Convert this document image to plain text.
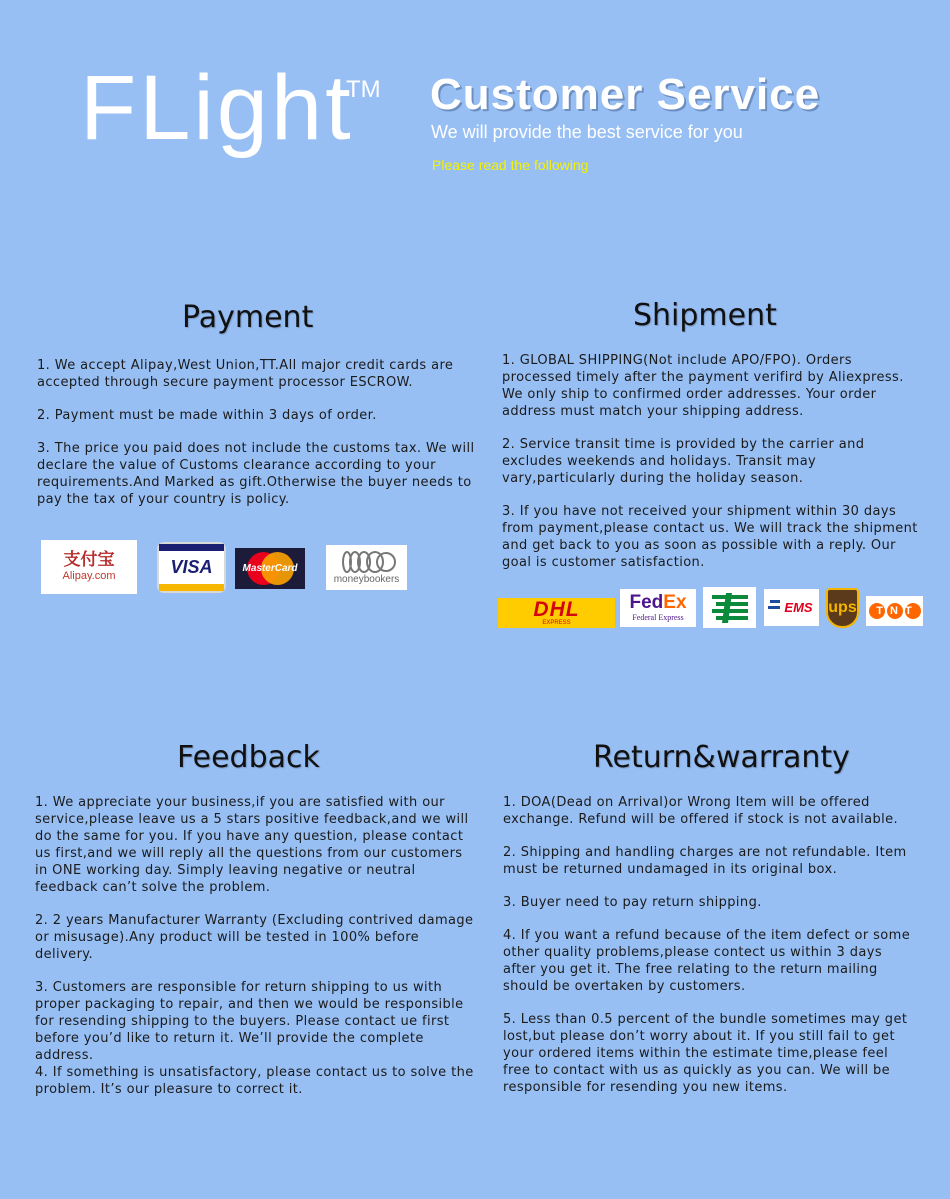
FLight
TM Customer Service
We will provide the best service for you
Please read the following
Payment

1. We accept Alipay,West Union,TT.All major credit cards are accepted through secure payment processor ESCROW.

2. Payment must be made within 3 days of order.

3. The price you paid does not include the customs tax. We will declare the value of Customs clearance according to your requirements.And Marked as gift.Otherwise the buyer needs to pay the tax of your country is policy.

支付宝
Alipay.com	VISA	MasterCard
moneybookers
Shipment

1. GLOBAL SHIPPING(Not include APO/FPO). Orders processed timely after the payment verifird by Aliexpress. We only ship to confirmed order addresses. Your order address must match your shipping address.

2. Service transit time is provided by the carrier and excludes weekends and holidays. Transit may vary,particularly during the holiday season.

3. If you have not received your shipment within 30 days from payment,please contact us. We will track the shipment and get back to you as soon as possible with a reply. Our goal is customer satisfaction.

DHL
EXPRESS
FedEx
Federal Express
EMS ups	TNT
Feedback

1. We appreciate your business,if you are satisfied with our service,please leave us a 5 stars positive feedback,and we will do the same for you. If you have any question, please contact us first,and we will reply all the questions from our customers in ONE working day. Simply leaving negative or neutral feedback can’t solve the problem.

2. 2 years Manufacturer Warranty (Excluding contrived damage or misusage).Any product will be tested in 100% before delivery.

3. Customers are responsible for return shipping to us with proper packaging to repair, and then we would be responsible for resending shipping to the buyers. Please contact ue first before you’d like to return it. We’ll provide the complete address.

4. If something is unsatisfactory, please contact us to solve the problem. It’s our pleasure to correct it.

Return&warranty

1. DOA(Dead on Arrival)or Wrong Item will be offered exchange. Refund will be offered if stock is not available.

2. Shipping and handling charges are not refundable. Item must be returned undamaged in its original box.

3. Buyer need to pay return shipping.

4. If you want a refund because of the item defect or some other quality problems,please contect us within 3 days after you get it. The free relating to the return mailing should be overtaken by customers.

5. Less than 0.5 percent of the bundle sometimes may get lost,but please don’t worry about it. If you still fail to get your ordered items within the estimate time,please feel free to contact with us as quickly as you can. We will be responsible for resending you new items.
